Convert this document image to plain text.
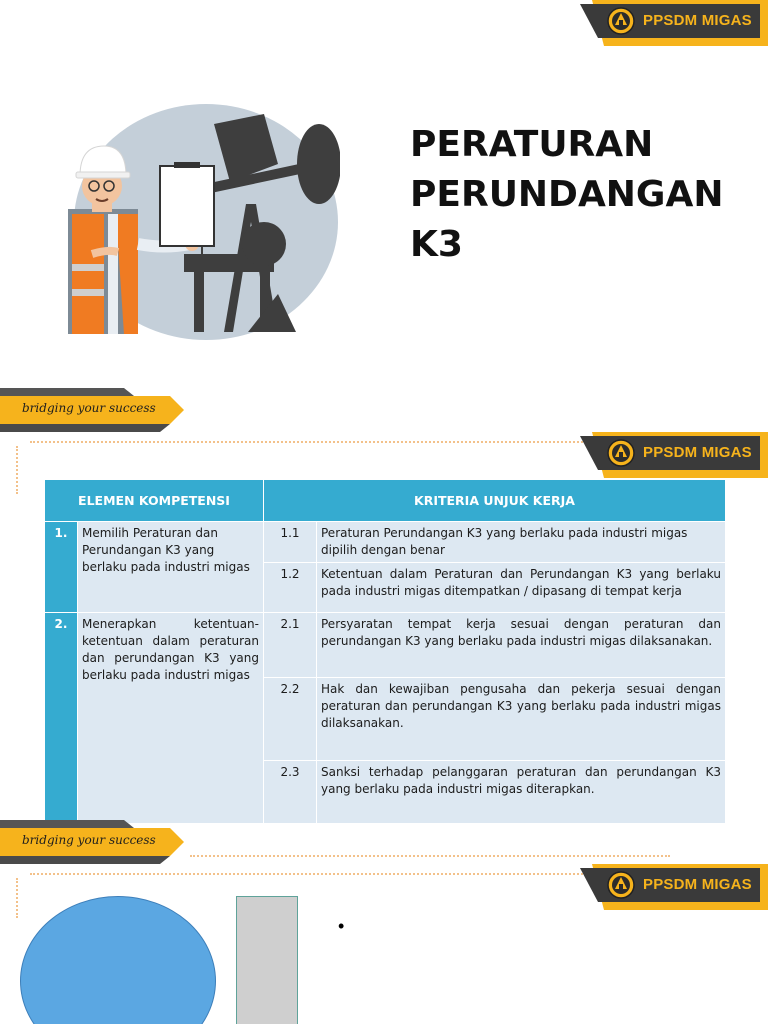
PPSDM MIGAS
PERATURAN
PERUNDANGAN
K3
bridging your success
PPSDM MIGAS
ELEMEN KOMPETENSI		KRITERIA UNJUK KERJA	
1.	Memilih Peraturan dan Perundangan K3 yang berlaku pada industri migas	1.1	Peraturan Perundangan K3 yang berlaku pada industri migas dipilih dengan benar
		1.2	Ketentuan dalam Peraturan dan Perundangan K3 yang berlaku pada industri migas ditempatkan / dipasang di tempat kerja
2.	Menerapkan ketentuan-ketentuan dalam peraturan dan perundangan K3 yang berlaku pada industri migas	2.1	Persyaratan tempat kerja sesuai dengan peraturan dan perundangan K3 yang berlaku pada industri migas dilaksanakan.
		2.2	Hak dan kewajiban pengusaha dan pekerja sesuai dengan peraturan dan perundangan K3 yang berlaku pada industri migas dilaksanakan.
		2.3	Sanksi terhadap pelanggaran peraturan dan perundangan K3 yang berlaku pada industri migas diterapkan.
bridging your success
PPSDM MIGAS
•
